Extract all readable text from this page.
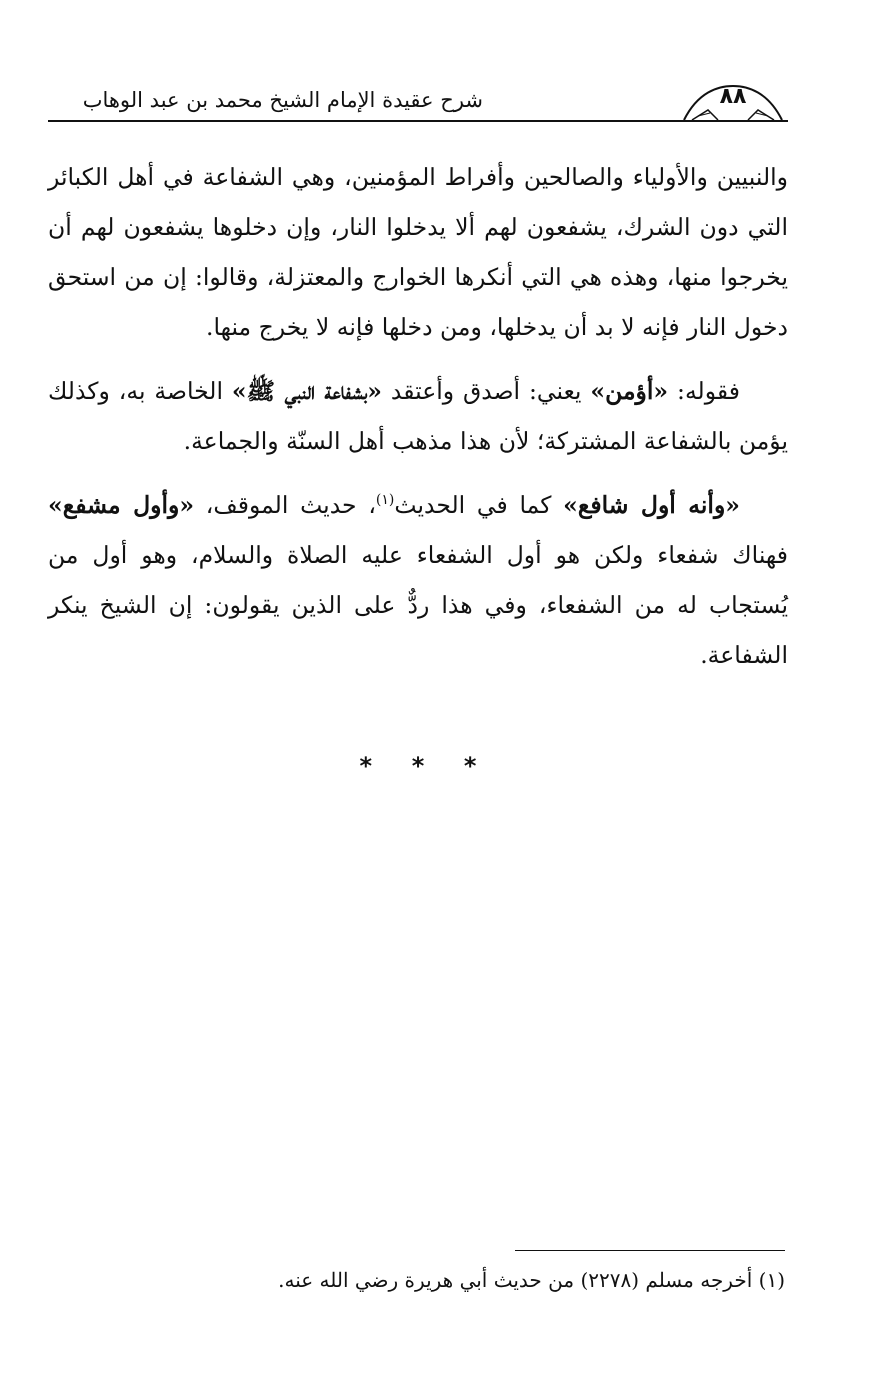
٨٨
شرح عقيدة الإمام الشيخ محمد بن عبد الوهاب

والنبيين والأولياء والصالحين وأفراط المؤمنين، وهي الشفاعة في أهل الكبائر التي دون الشرك، يشفعون لهم ألا يدخلوا النار، وإن دخلوها يشفعون لهم أن يخرجوا منها، وهذه هي التي أنكرها الخوارج والمعتزلة، وقالوا: إن من استحق دخول النار فإنه لا بد أن يدخلها، ومن دخلها فإنه لا يخرج منها.

فقوله: «أؤمن» يعني: أصدق وأعتقد «بشفاعة النبي ﷺ» الخاصة به، وكذلك يؤمن بالشفاعة المشتركة؛ لأن هذا مذهب أهل السنّة والجماعة.

«وأنه أول شافع» كما في الحديث$^{(١)}$، حديث الموقف، «وأول مشفع» فهناك شفعاء ولكن هو أول الشفعاء عليه الصلاة والسلام، وهو أول من يُستجاب له من الشفعاء، وفي هذا ردٌّ على الذين يقولون: إن الشيخ ينكر الشفاعة.

* * *
(١) أخرجه مسلم (٢٢٧٨) من حديث أبي هريرة رضي الله عنه.
